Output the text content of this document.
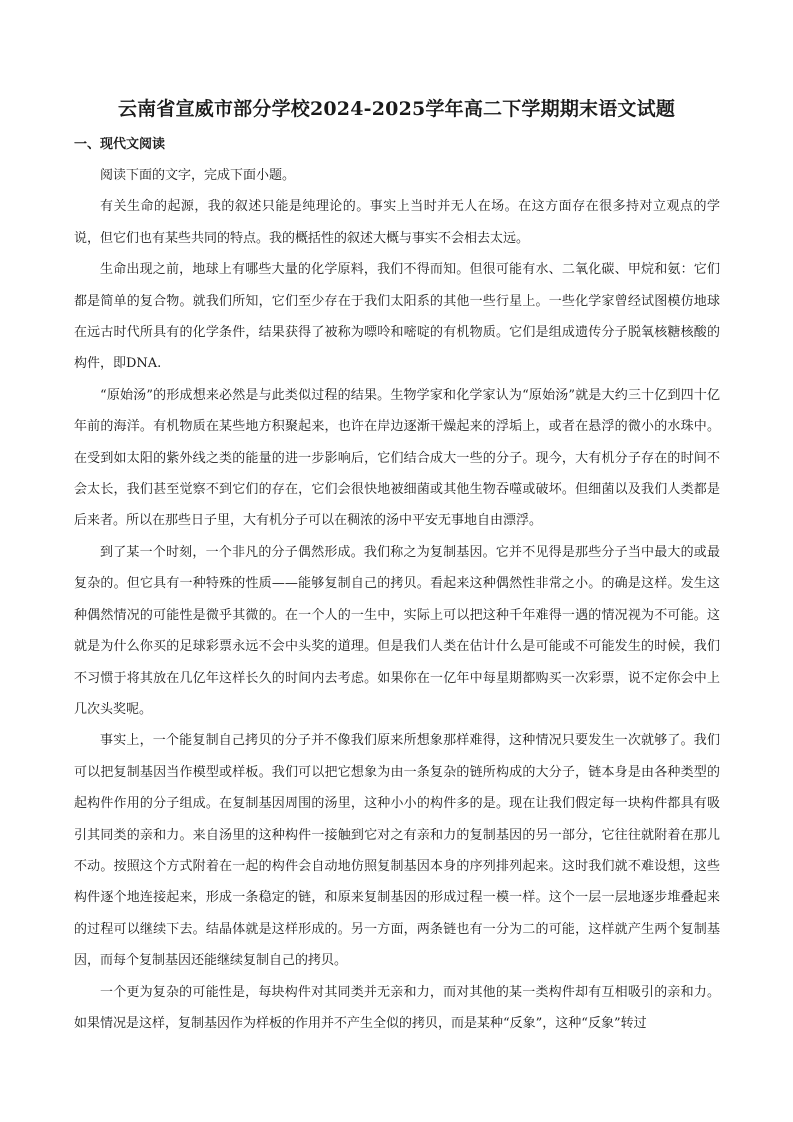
云南省宣威市部分学校2024-2025学年高二下学期期末语文试题
一、现代文阅读

阅读下面的文字，完成下面小题。

有关生命的起源，我的叙述只能是纯理论的。事实上当时并无人在场。在这方面存在很多持对立观点的学说，但它们也有某些共同的特点。我的概括性的叙述大概与事实不会相去太远。

生命出现之前，地球上有哪些大量的化学原料，我们不得而知。但很可能有水、二氧化碳、甲烷和氨：它们都是简单的复合物。就我们所知，它们至少存在于我们太阳系的其他一些行星上。一些化学家曾经试图模仿地球在远古时代所具有的化学条件，结果获得了被称为嘌呤和嘧啶的有机物质。它们是组成遗传分子脱氧核糖核酸的构件，即DNA.

“原始汤”的形成想来必然是与此类似过程的结果。生物学家和化学家认为“原始汤”就是大约三十亿到四十亿年前的海洋。有机物质在某些地方积聚起来，也许在岸边逐渐干燥起来的浮垢上，或者在悬浮的微小的水珠中。在受到如太阳的紫外线之类的能量的进一步影响后，它们结合成大一些的分子。现今，大有机分子存在的时间不会太长，我们甚至觉察不到它们的存在，它们会很快地被细菌或其他生物吞噬或破坏。但细菌以及我们人类都是后来者。所以在那些日子里，大有机分子可以在稠浓的汤中平安无事地自由漂浮。

到了某一个时刻，一个非凡的分子偶然形成。我们称之为复制基因。它并不见得是那些分子当中最大的或最复杂的。但它具有一种特殊的性质——能够复制自己的拷贝。看起来这种偶然性非常之小。的确是这样。发生这种偶然情况的可能性是微乎其微的。在一个人的一生中，实际上可以把这种千年难得一遇的情况视为不可能。这就是为什么你买的足球彩票永远不会中头奖的道理。但是我们人类在估计什么是可能或不可能发生的时候，我们不习惯于将其放在几亿年这样长久的时间内去考虑。如果你在一亿年中每星期都购买一次彩票，说不定你会中上几次头奖呢。

事实上，一个能复制自己拷贝的分子并不像我们原来所想象那样难得，这种情况只要发生一次就够了。我们可以把复制基因当作模型或样板。我们可以把它想象为由一条复杂的链所构成的大分子，链本身是由各种类型的起构件作用的分子组成。在复制基因周围的汤里，这种小小的构件多的是。现在让我们假定每一块构件都具有吸引其同类的亲和力。来自汤里的这种构件一接触到它对之有亲和力的复制基因的另一部分，它往往就附着在那儿不动。按照这个方式附着在一起的构件会自动地仿照复制基因本身的序列排列起来。这时我们就不难设想，这些构件逐个地连接起来，形成一条稳定的链，和原来复制基因的形成过程一模一样。这个一层一层地逐步堆叠起来的过程可以继续下去。结晶体就是这样形成的。另一方面，两条链也有一分为二的可能，这样就产生两个复制基因，而每个复制基因还能继续复制自己的拷贝。

一个更为复杂的可能性是，每块构件对其同类并无亲和力，而对其他的某一类构件却有互相吸引的亲和力。如果情况是这样，复制基因作为样板的作用并不产生全似的拷贝，而是某种“反象”，这种“反象”转过
